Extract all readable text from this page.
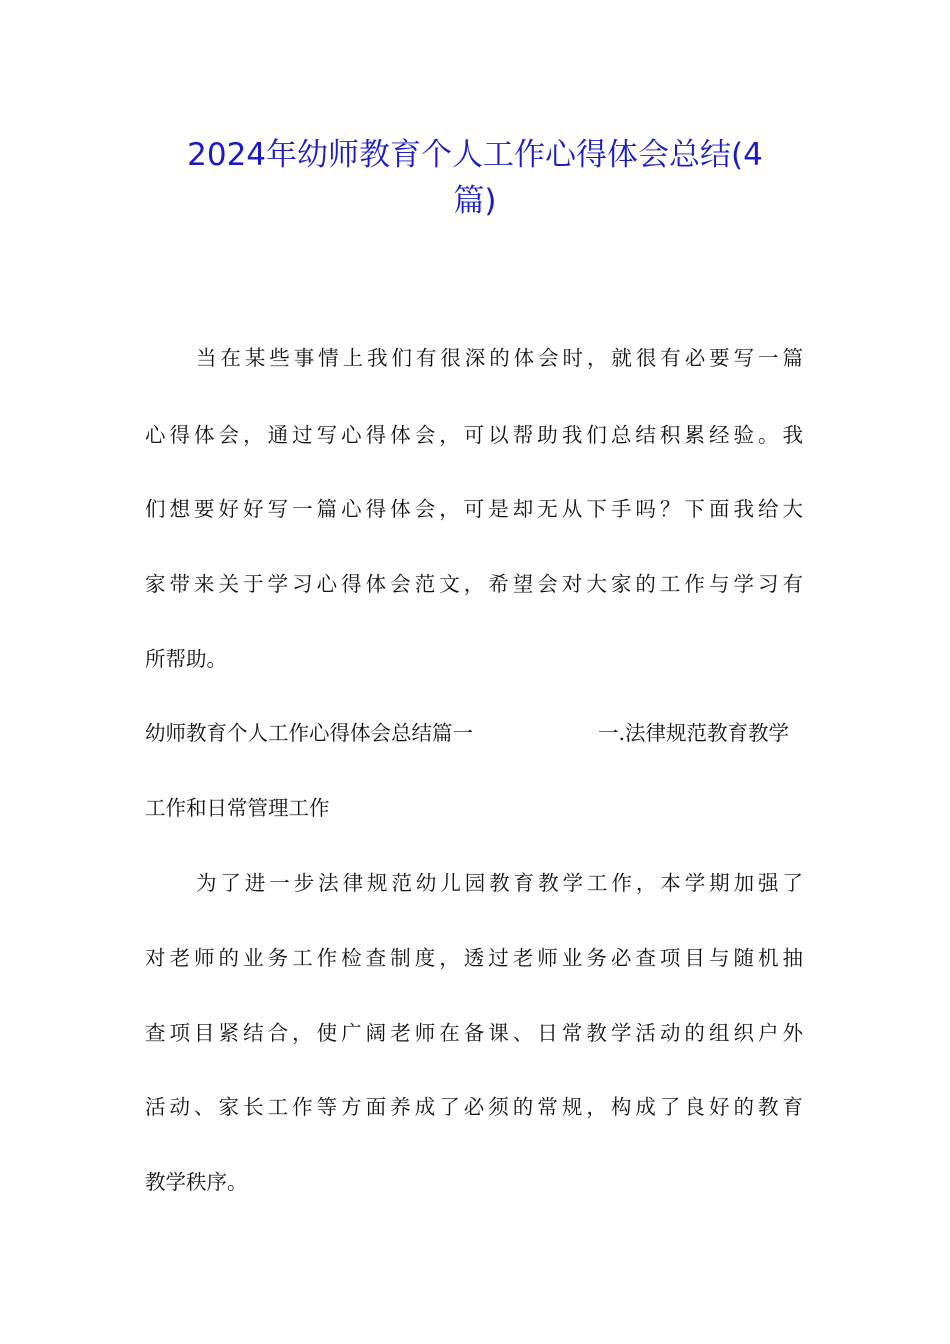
2024年幼师教育个人工作心得体会总结(4
篇)
当在某些事情上我们有很深的体会时，就很有必要写一篇
心得体会，通过写心得体会，可以帮助我们总结积累经验。我
们想要好好写一篇心得体会，可是却无从下手吗？下面我给大
家带来关于学习心得体会范文，希望会对大家的工作与学习有
所帮助。
幼师教育个人工作心得体会总结篇一	一.法律规范教育教学
工作和日常管理工作
为了进一步法律规范幼儿园教育教学工作，本学期加强了
对老师的业务工作检查制度，透过老师业务必查项目与随机抽
查项目紧结合，使广阔老师在备课、日常教学活动的组织户外
活动、家长工作等方面养成了必须的常规，构成了良好的教育
教学秩序。
